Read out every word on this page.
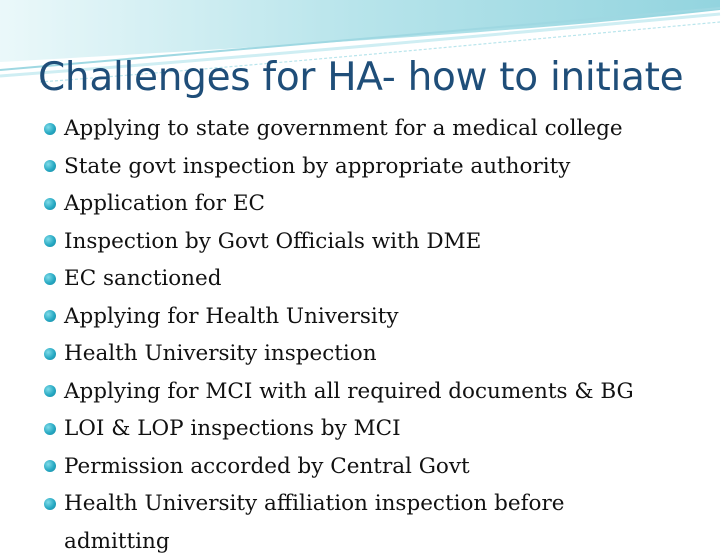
Challenges for HA- how to initiate
Applying to state government for a medical college
State govt inspection by appropriate authority
Application for EC
Inspection by Govt Officials with DME
EC sanctioned
Applying for Health University
Health University inspection
Applying for MCI with all required documents & BG
LOI & LOP inspections by MCI
Permission accorded by Central Govt
Health University affiliation inspection before
admitting
